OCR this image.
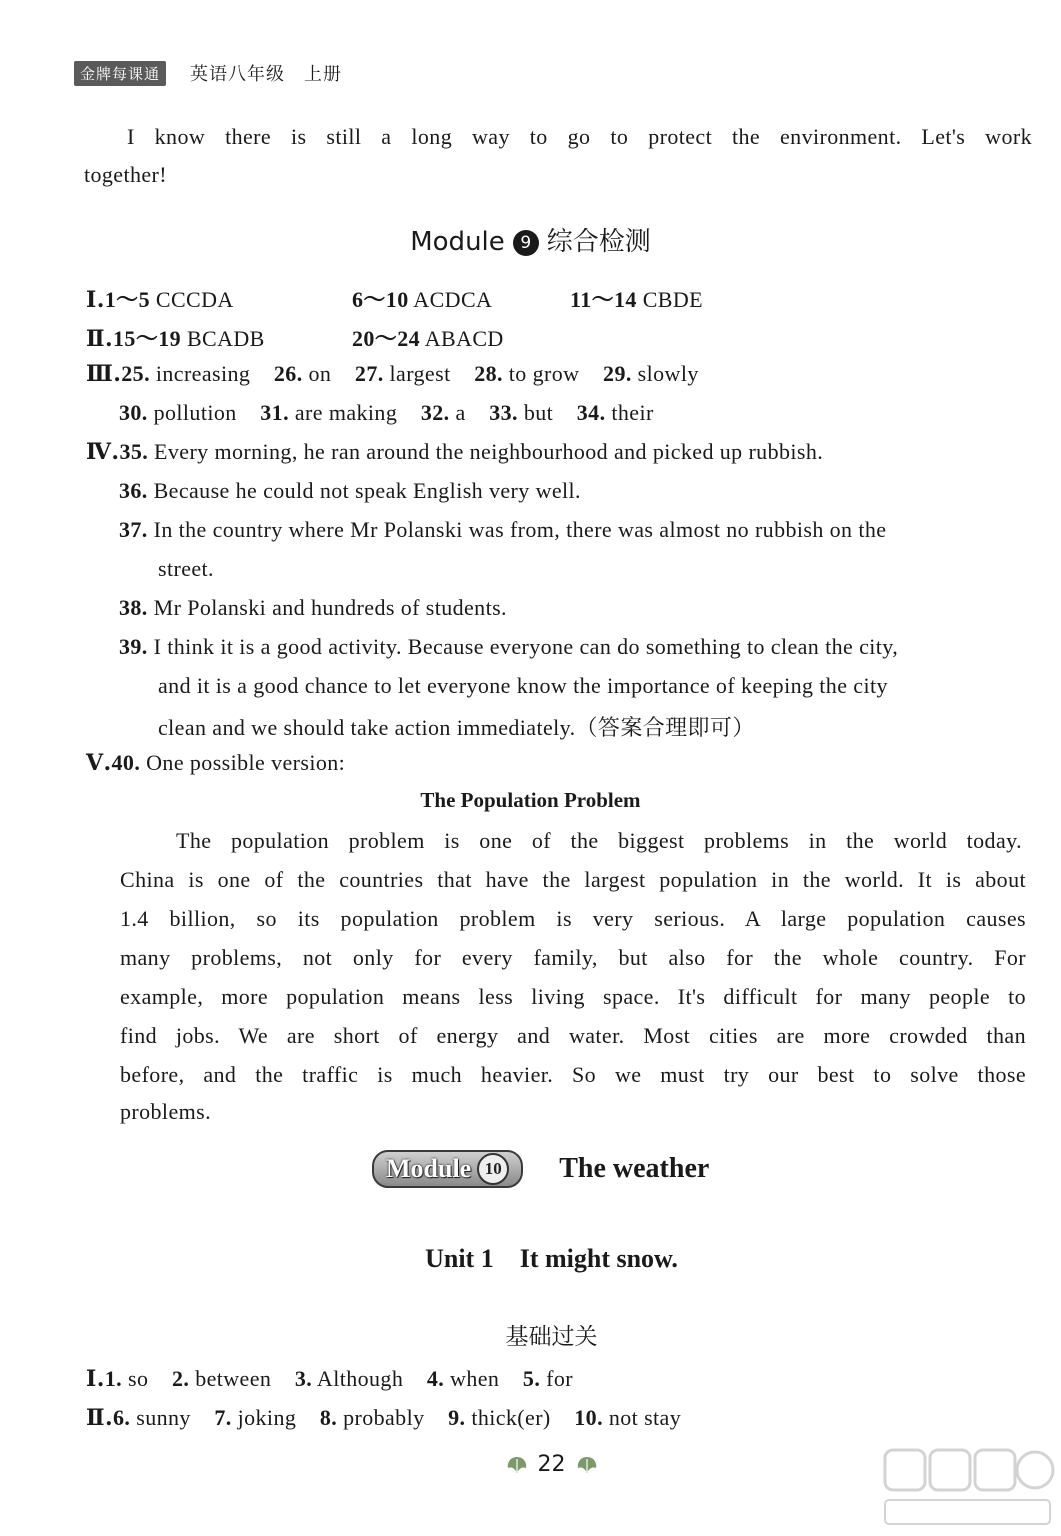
金牌每课通	英语八年级　上册
I know there is still a long way to go to protect the environment. Let's work
together!
Module 9 综合检测
Ⅰ.1～5 CCCDA	6～10 ACDCA	11～14 CBDE
Ⅱ.15～19 BCADB	20～24 ABACD
Ⅲ.25. increasing 26. on 27. largest 28. to grow 29. slowly
30. pollution 31. are making 32. a 33. but 34. their
Ⅳ.35. Every morning, he ran around the neighbourhood and picked up rubbish.
36. Because he could not speak English very well.
37. In the country where Mr Polanski was from, there was almost no rubbish on the
street.
38. Mr Polanski and hundreds of students.
39. I think it is a good activity. Because everyone can do something to clean the city,
and it is a good chance to let everyone know the importance of keeping the city
clean and we should take action immediately.（答案合理即可）
Ⅴ.40. One possible version:
The Population Problem
The population problem is one of the biggest problems in the world today.
China is one of the countries that have the largest population in the world. It is about
1.4 billion, so its population problem is very serious. A large population causes
many problems, not only for every family, but also for the whole country. For
example, more population means less living space. It's difficult for many people to
find jobs. We are short of energy and water. Most cities are more crowded than
before, and the traffic is much heavier. So we must try our best to solve those
problems.
Module 10 The weather
Unit 1　It might snow.
基础过关
Ⅰ.1. so 2. between 3. Although 4. when 5. for
Ⅱ.6. sunny 7. joking 8. probably 9. thick(er) 10. not stay
22
